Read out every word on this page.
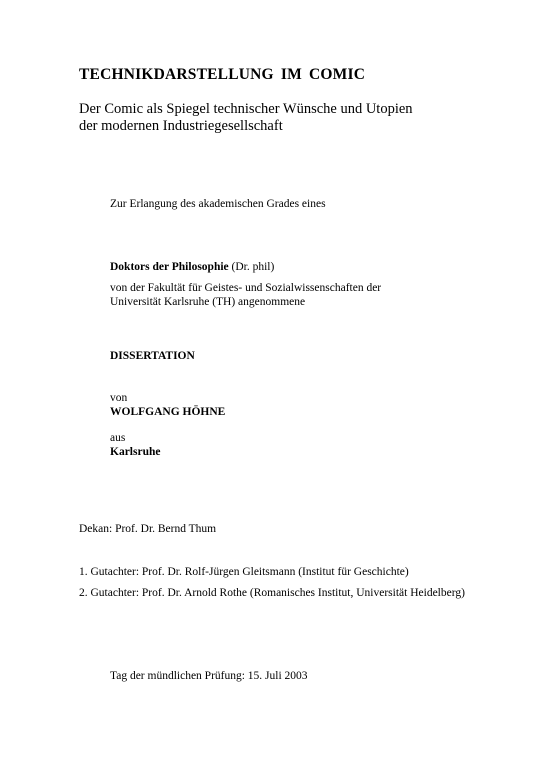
TECHNIKDARSTELLUNG IM COMIC
Der Comic als Spiegel technischer Wünsche und Utopien
der modernen Industriegesellschaft
Zur Erlangung des akademischen Grades eines
Doktors der Philosophie (Dr. phil)
von der Fakultät für Geistes- und Sozialwissenschaften der
Universität Karlsruhe (TH) angenommene
DISSERTATION
von
WOLFGANG HÖHNE
aus
Karlsruhe
Dekan: Prof. Dr. Bernd Thum
1. Gutachter: Prof. Dr. Rolf-Jürgen Gleitsmann (Institut für Geschichte)
2. Gutachter: Prof. Dr. Arnold Rothe (Romanisches Institut, Universität Heidelberg)
Tag der mündlichen Prüfung: 15. Juli 2003
